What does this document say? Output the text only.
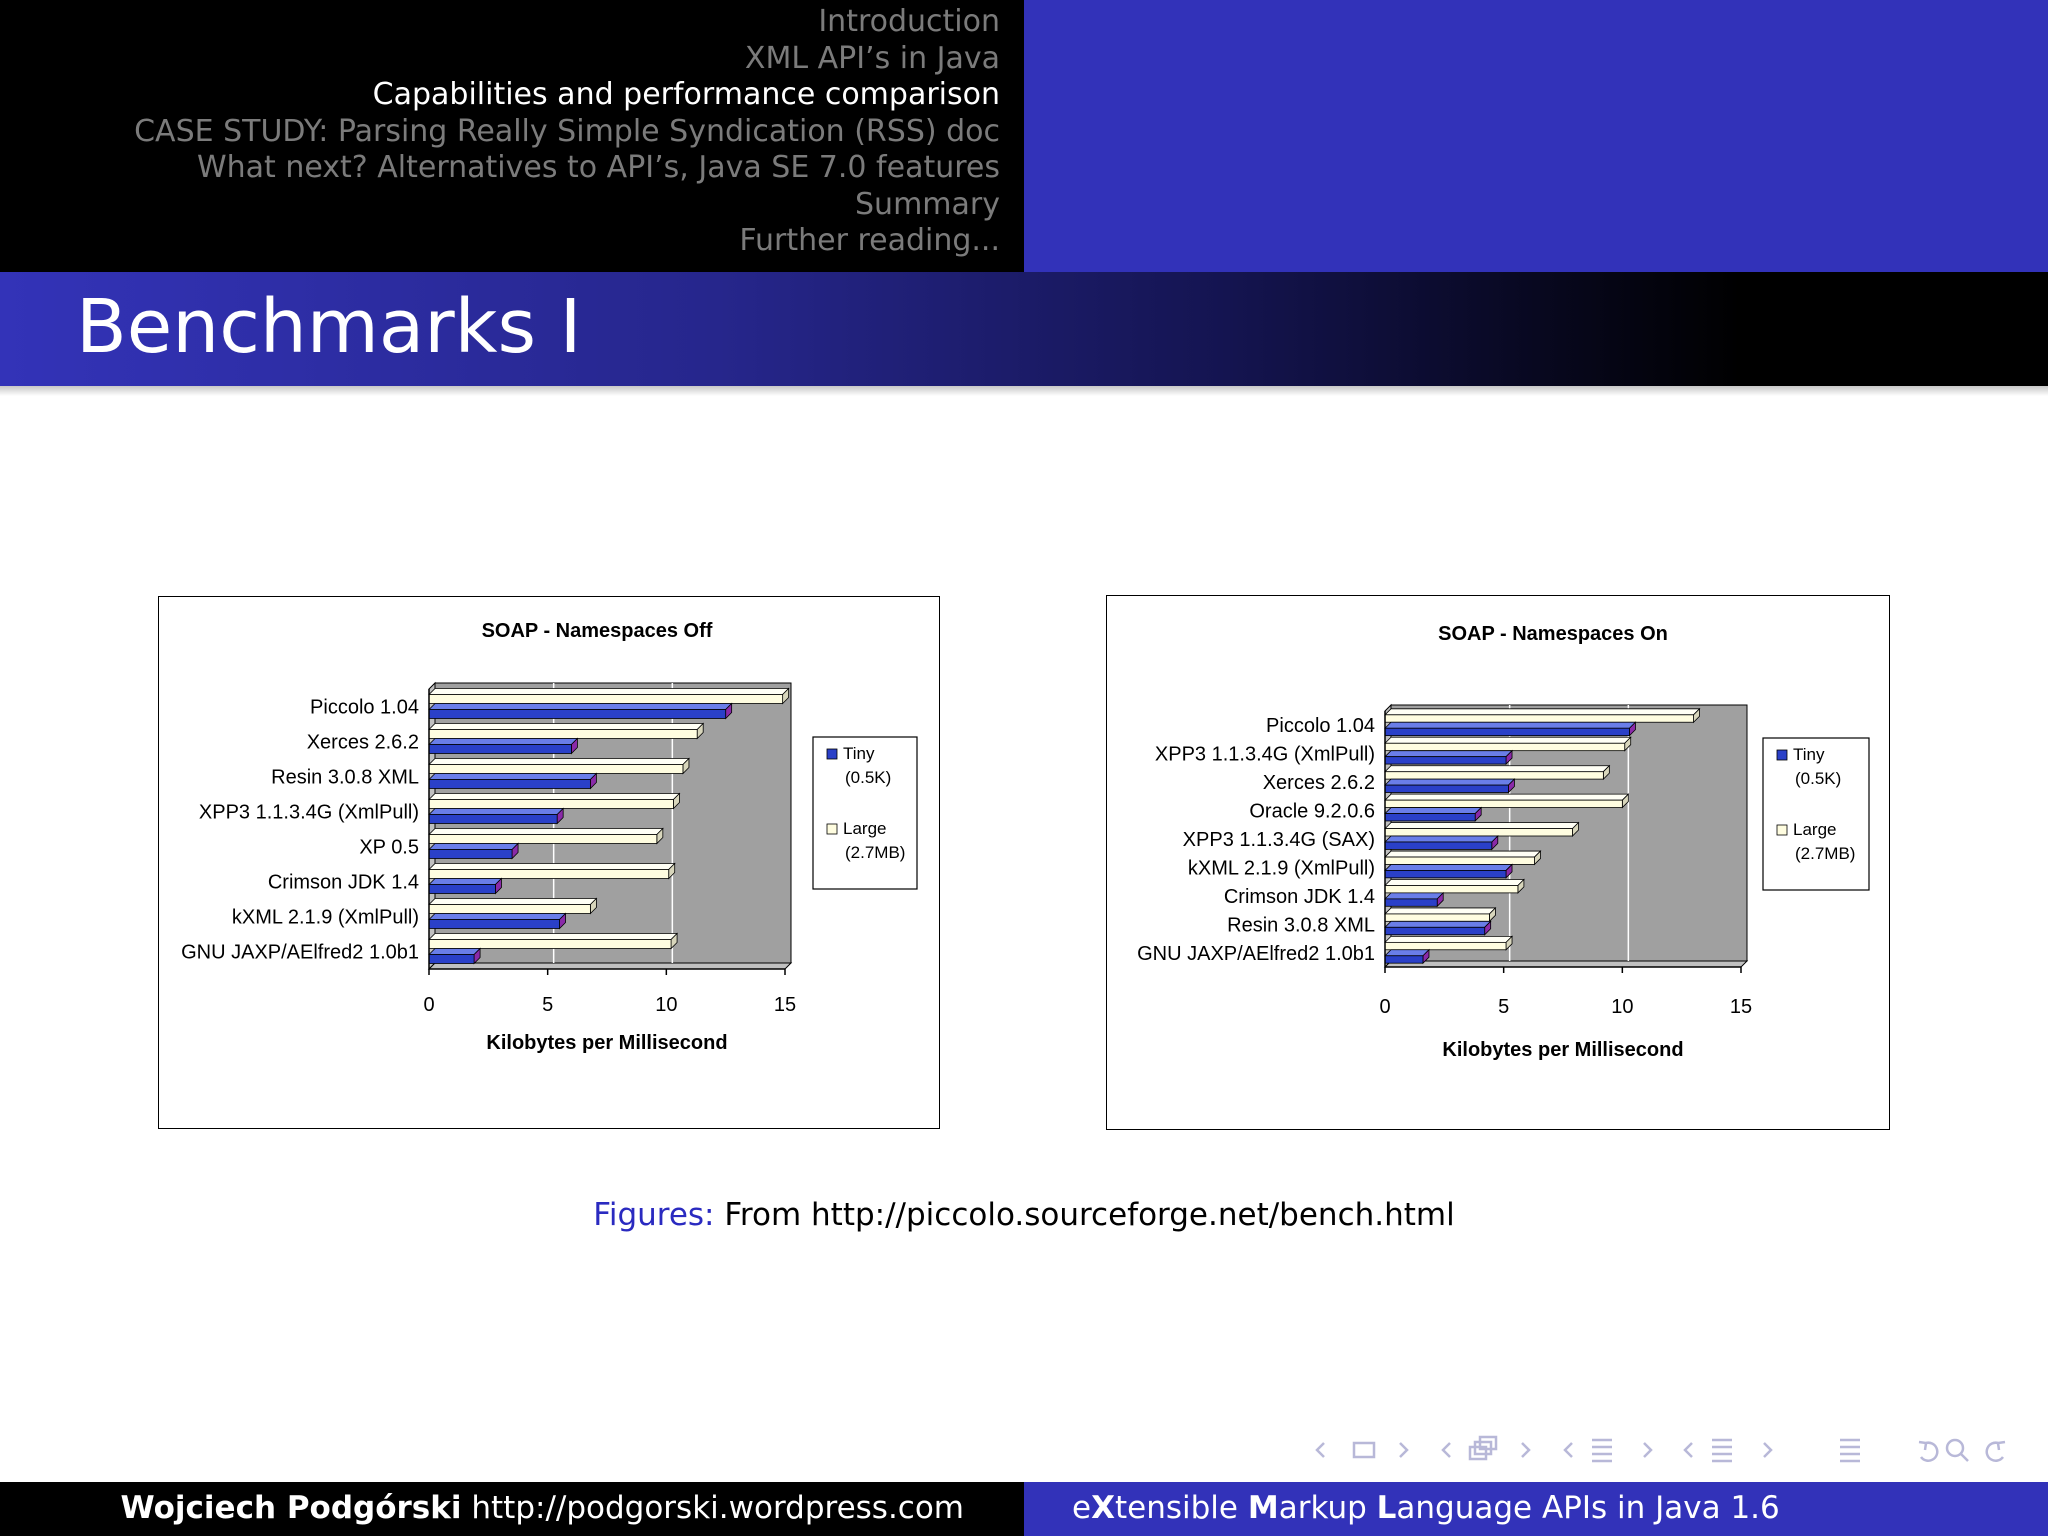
Introduction
XML API’s in Java
Capabilities and performance comparison
CASE STUDY: Parsing Really Simple Syndication (RSS) doc
What next? Alternatives to API’s, Java SE 7.0 features
Summary
Further reading...
Benchmarks I
SOAP - Namespaces Off
Piccolo 1.04
Xerces 2.6.2
Resin 3.0.8 XML
XPP3 1.1.3.4G (XmlPull)
XP 0.5
Crimson JDK 1.4
kXML 2.1.9 (XmlPull)
GNU JAXP/AElfred2 1.0b1
0	5	10	15
Kilobytes per Millisecond
Tiny
(0.5K)
Large
(2.7MB)
SOAP - Namespaces On
Piccolo 1.04
XPP3 1.1.3.4G (XmlPull)
Xerces 2.6.2
Oracle 9.2.0.6
XPP3 1.1.3.4G (SAX)
kXML 2.1.9 (XmlPull)
Crimson JDK 1.4
Resin 3.0.8 XML
GNU JAXP/AElfred2 1.0b1
0	5	10	15
Kilobytes per Millisecond
Tiny
(0.5K)
Large
(2.7MB)
Figures: From http://piccolo.sourceforge.net/bench.html
Wojciech Podgórski http://podgorski.wordpress.com	eXtensible Markup Language APIs in Java 1.6
